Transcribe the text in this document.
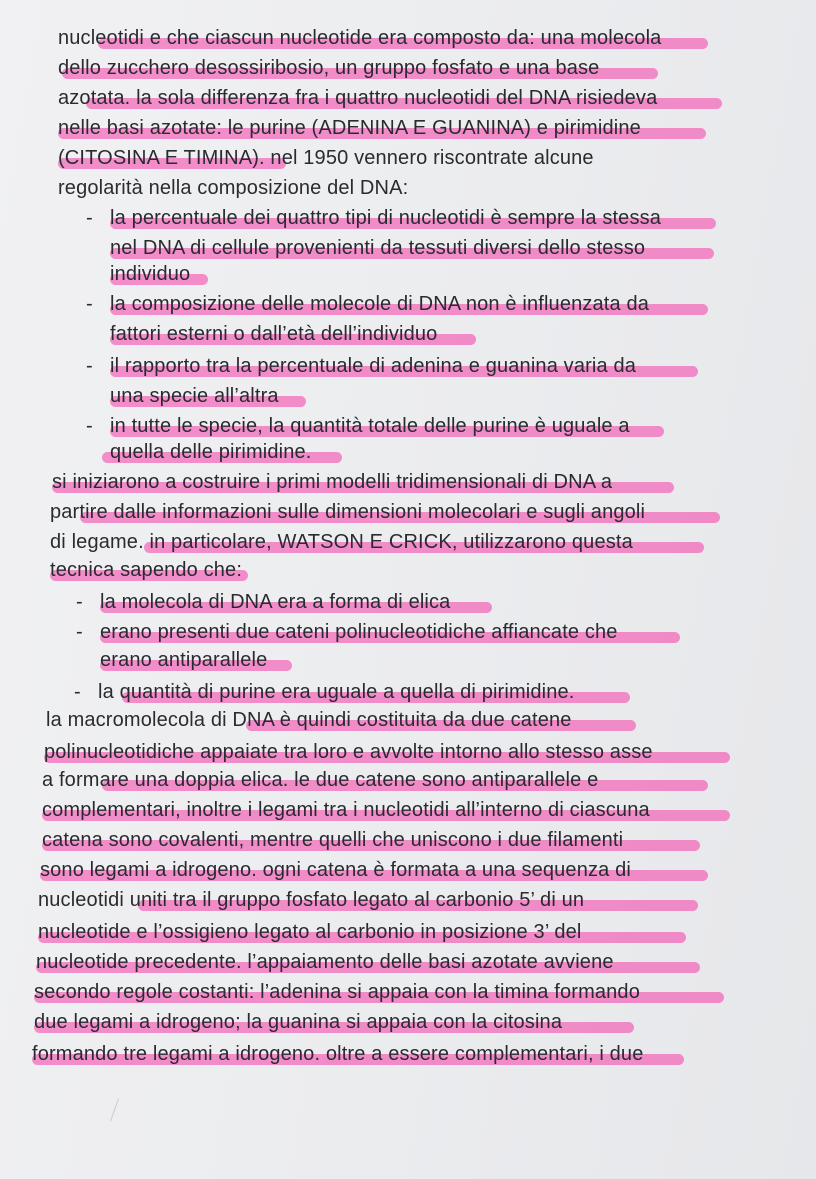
nucleotidi e che ciascun nucleotide era composto da: una molecola
dello zucchero desossiribosio, un gruppo fosfato e una base
azotata. la sola differenza fra i quattro nucleotidi del DNA risiedeva
nelle basi azotate: le purine (ADENINA E GUANINA) e pirimidine
(CITOSINA E TIMINA). nel 1950 vennero riscontrate alcune
regolarità nella composizione del DNA:
- la percentuale dei quattro tipi di nucleotidi è sempre la stessa
nel DNA di cellule provenienti da tessuti diversi dello stesso
individuo
- la composizione delle molecole di DNA non è influenzata da
fattori esterni o dall’età dell’individuo
- il rapporto tra la percentuale di adenina e guanina varia da
una specie all’altra
- in tutte le specie, la quantità totale delle purine è uguale a
quella delle pirimidine.
si iniziarono a costruire i primi modelli tridimensionali di DNA a
partire dalle informazioni sulle dimensioni molecolari e sugli angoli
di legame. in particolare, WATSON E CRICK, utilizzarono questa
tecnica sapendo che:
- la molecola di DNA era a forma di elica
- erano presenti due cateni polinucleotidiche affiancate che
erano antiparallele
- la quantità di purine era uguale a quella di pirimidine.
la macromolecola di DNA è quindi costituita da due catene
polinucleotidiche appaiate tra loro e avvolte intorno allo stesso asse
a formare una doppia elica. le due catene sono antiparallele e
complementari, inoltre i legami tra i nucleotidi all’interno di ciascuna
catena sono covalenti, mentre quelli che uniscono i due filamenti
sono legami a idrogeno. ogni catena è formata a una sequenza di
nucleotidi uniti tra il gruppo fosfato legato al carbonio 5’ di un
nucleotide e l’ossigieno legato al carbonio in posizione 3’ del
nucleotide precedente. l’appaiamento delle basi azotate avviene
secondo regole costanti: l’adenina si appaia con la timina formando
due legami a idrogeno; la guanina si appaia con la citosina
formando tre legami a idrogeno. oltre a essere complementari, i due
